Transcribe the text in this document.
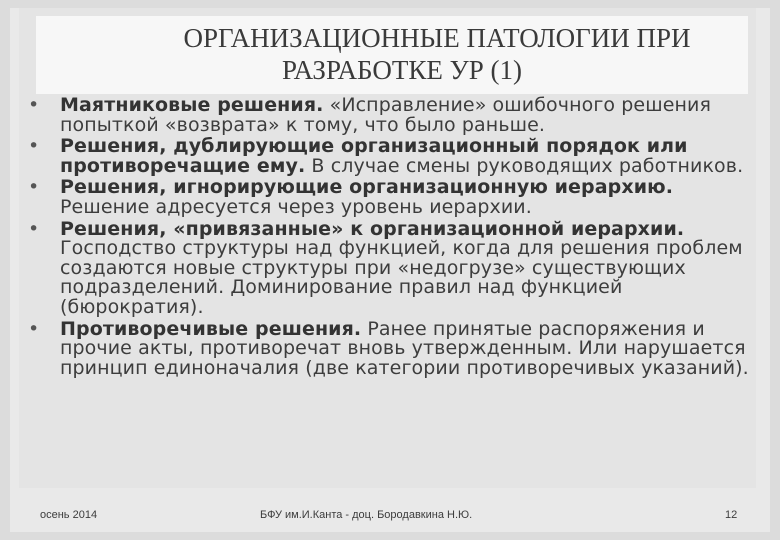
ОРГАНИЗАЦИОННЫЕ ПАТОЛОГИИ ПРИ
РАЗРАБОТКЕ УР (1)
• Маятниковые решения. «Исправление» ошибочного решения попыткой «возврата» к тому, что было раньше.
• Решения, дублирующие организационный порядок или противоречащие ему. В случае смены руководящих работников.
• Решения, игнорирующие организационную иерархию. Решение адресуется через уровень иерархии.
• Решения, «привязанные» к организационной иерархии. Господство структуры над функцией, когда для решения проблем создаются новые структуры при «недогрузе» существующих подразделений. Доминирование правил над функцией (бюрократия).
• Противоречивые решения. Ранее принятые распоряжения и прочие акты, противоречат вновь утвержденным. Или нарушается принцип единоначалия (две категории противоречивых указаний).
осень 2014	БФУ им.И.Канта - доц. Бородавкина Н.Ю.	12
